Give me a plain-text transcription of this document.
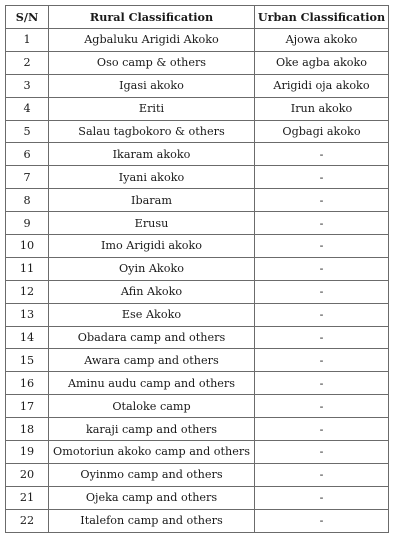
S/N	Rural Classification	Urban Classification
1	Agbaluku Arigidi Akoko	Ajowa akoko
2	Oso camp & others	Oke agba akoko
3	Igasi akoko	Arigidi oja akoko
4	Eriti	Irun akoko
5	Salau tagbokoro & others	Ogbagi akoko
6	Ikaram akoko	-
7	Iyani akoko	-
8	Ibaram	-
9	Erusu	-
10	Imo Arigidi akoko	-
11	Oyin Akoko	-
12	Afin Akoko	-
13	Ese Akoko	-
14	Obadara camp and others	-
15	Awara camp and others	-
16	Aminu audu camp and others	-
17	Otaloke camp	-
18	karaji camp and others	-
19	Omotoriun akoko camp and others	-
20	Oyinmo camp and others	-
21	Ojeka camp and others	-
22	Italefon camp and others	-
